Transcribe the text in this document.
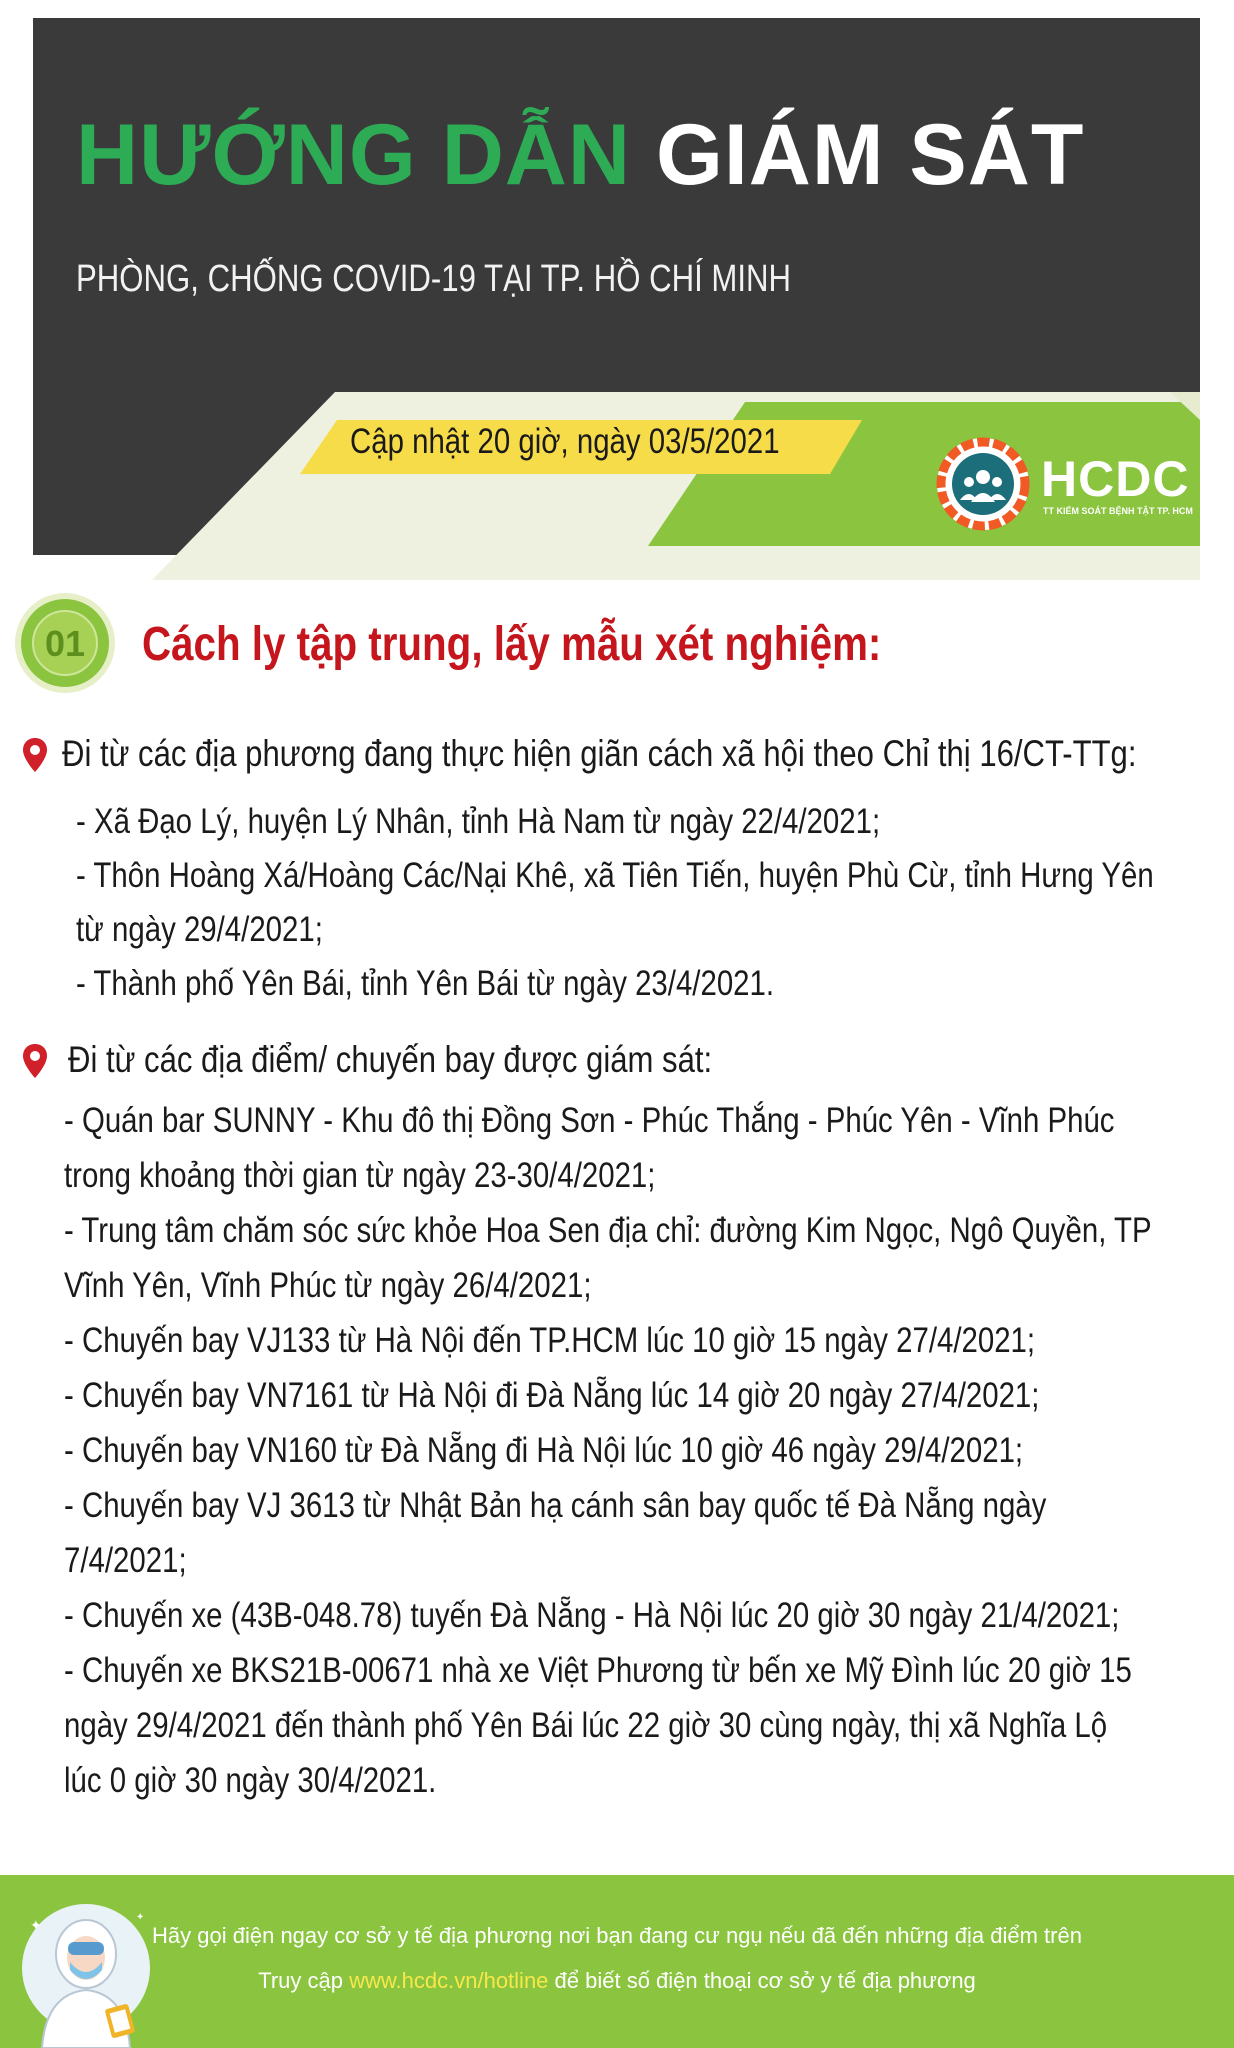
HƯỚNG DẪN GIÁM SÁT
PHÒNG, CHỐNG COVID-19 TẠI TP. HỒ CHÍ MINH
Cập nhật 20 giờ, ngày 03/5/2021
HCDC
TT KIỂM SOÁT BỆNH TẬT TP. HCM
01 Cách ly tập trung, lấy mẫu xét nghiệm:
Đi từ các địa phương đang thực hiện giãn cách xã hội theo Chỉ thị 16/CT-TTg:
- Xã Đạo Lý, huyện Lý Nhân, tỉnh Hà Nam từ ngày 22/4/2021;
- Thôn Hoàng Xá/Hoàng Các/Nại Khê, xã Tiên Tiến, huyện Phù Cừ, tỉnh Hưng Yên
từ ngày 29/4/2021;
- Thành phố Yên Bái, tỉnh Yên Bái từ ngày 23/4/2021.
Đi từ các địa điểm/ chuyến bay được giám sát:
- Quán bar SUNNY - Khu đô thị Đồng Sơn - Phúc Thắng - Phúc Yên - Vĩnh Phúc
trong khoảng thời gian từ ngày 23-30/4/2021;
- Trung tâm chăm sóc sức khỏe Hoa Sen địa chỉ: đường Kim Ngọc, Ngô Quyền, TP
Vĩnh Yên, Vĩnh Phúc từ ngày 26/4/2021;
- Chuyến bay VJ133 từ Hà Nội đến TP.HCM lúc 10 giờ 15 ngày 27/4/2021;
- Chuyến bay VN7161 từ Hà Nội đi Đà Nẵng lúc 14 giờ 20 ngày 27/4/2021;
- Chuyến bay VN160 từ Đà Nẵng đi Hà Nội lúc 10 giờ 46 ngày 29/4/2021;
- Chuyến bay VJ 3613 từ Nhật Bản hạ cánh sân bay quốc tế Đà Nẵng ngày
7/4/2021;
- Chuyến xe (43B-048.78) tuyến Đà Nẵng - Hà Nội lúc 20 giờ 30 ngày 21/4/2021;
- Chuyến xe BKS21B-00671 nhà xe Việt Phương từ bến xe Mỹ Đình lúc 20 giờ 15
ngày 29/4/2021 đến thành phố Yên Bái lúc 22 giờ 30 cùng ngày, thị xã Nghĩa Lộ
lúc 0 giờ 30 ngày 30/4/2021.
Hãy gọi điện ngay cơ sở y tế địa phương nơi bạn đang cư ngụ nếu đã đến những địa điểm trên
Truy cập www.hcdc.vn/hotline để biết số điện thoại cơ sở y tế địa phương
✦
✦
